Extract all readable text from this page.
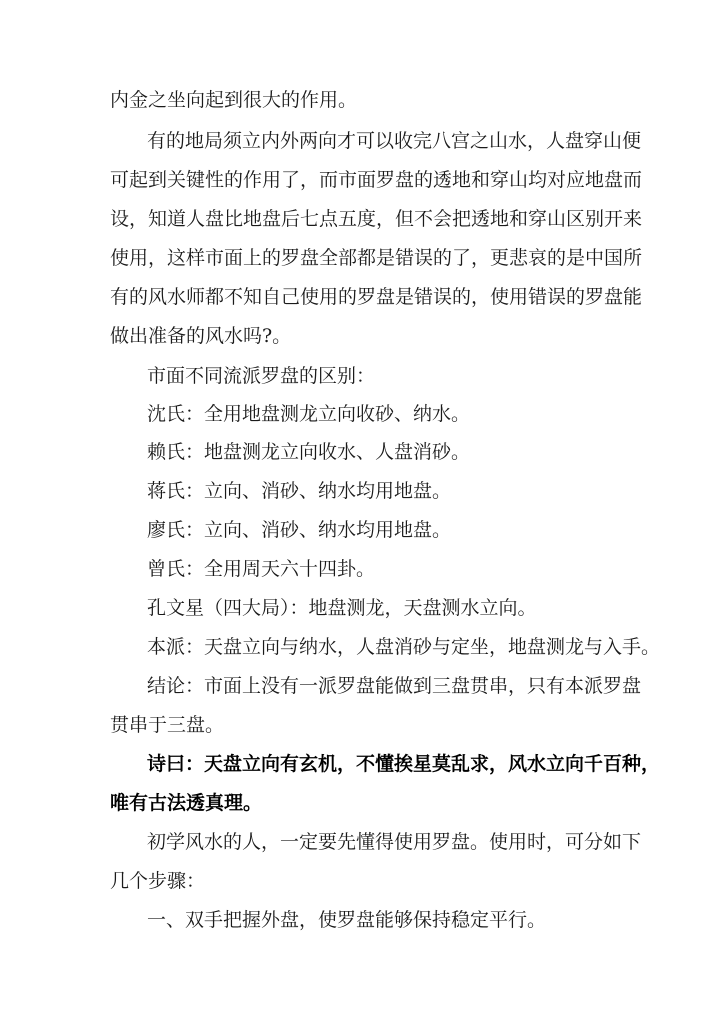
内金之坐向起到很大的作用。
有的地局须立内外两向才可以收完八宫之山水，人盘穿山便
可起到关键性的作用了，而市面罗盘的透地和穿山均对应地盘而
设，知道人盘比地盘后七点五度，但不会把透地和穿山区别开来
使用，这样市面上的罗盘全部都是错误的了，更悲哀的是中国所
有的风水师都不知自己使用的罗盘是错误的，使用错误的罗盘能
做出准备的风水吗?。
市面不同流派罗盘的区别：
沈氏：全用地盘测龙立向收砂、纳水。
赖氏：地盘测龙立向收水、人盘消砂。
蒋氏：立向、消砂、纳水均用地盘。
廖氏：立向、消砂、纳水均用地盘。
曾氏：全用周天六十四卦。
孔文星（四大局）：地盘测龙，天盘测水立向。
本派：天盘立向与纳水，人盘消砂与定坐，地盘测龙与入手。
结论：市面上没有一派罗盘能做到三盘贯串，只有本派罗盘
贯串于三盘。
诗曰：天盘立向有玄机，不懂挨星莫乱求，风水立向千百种，
唯有古法透真理。
初学风水的人，一定要先懂得使用罗盘。使用时，可分如下
几个步骤：
一、双手把握外盘，使罗盘能够保持稳定平行。
